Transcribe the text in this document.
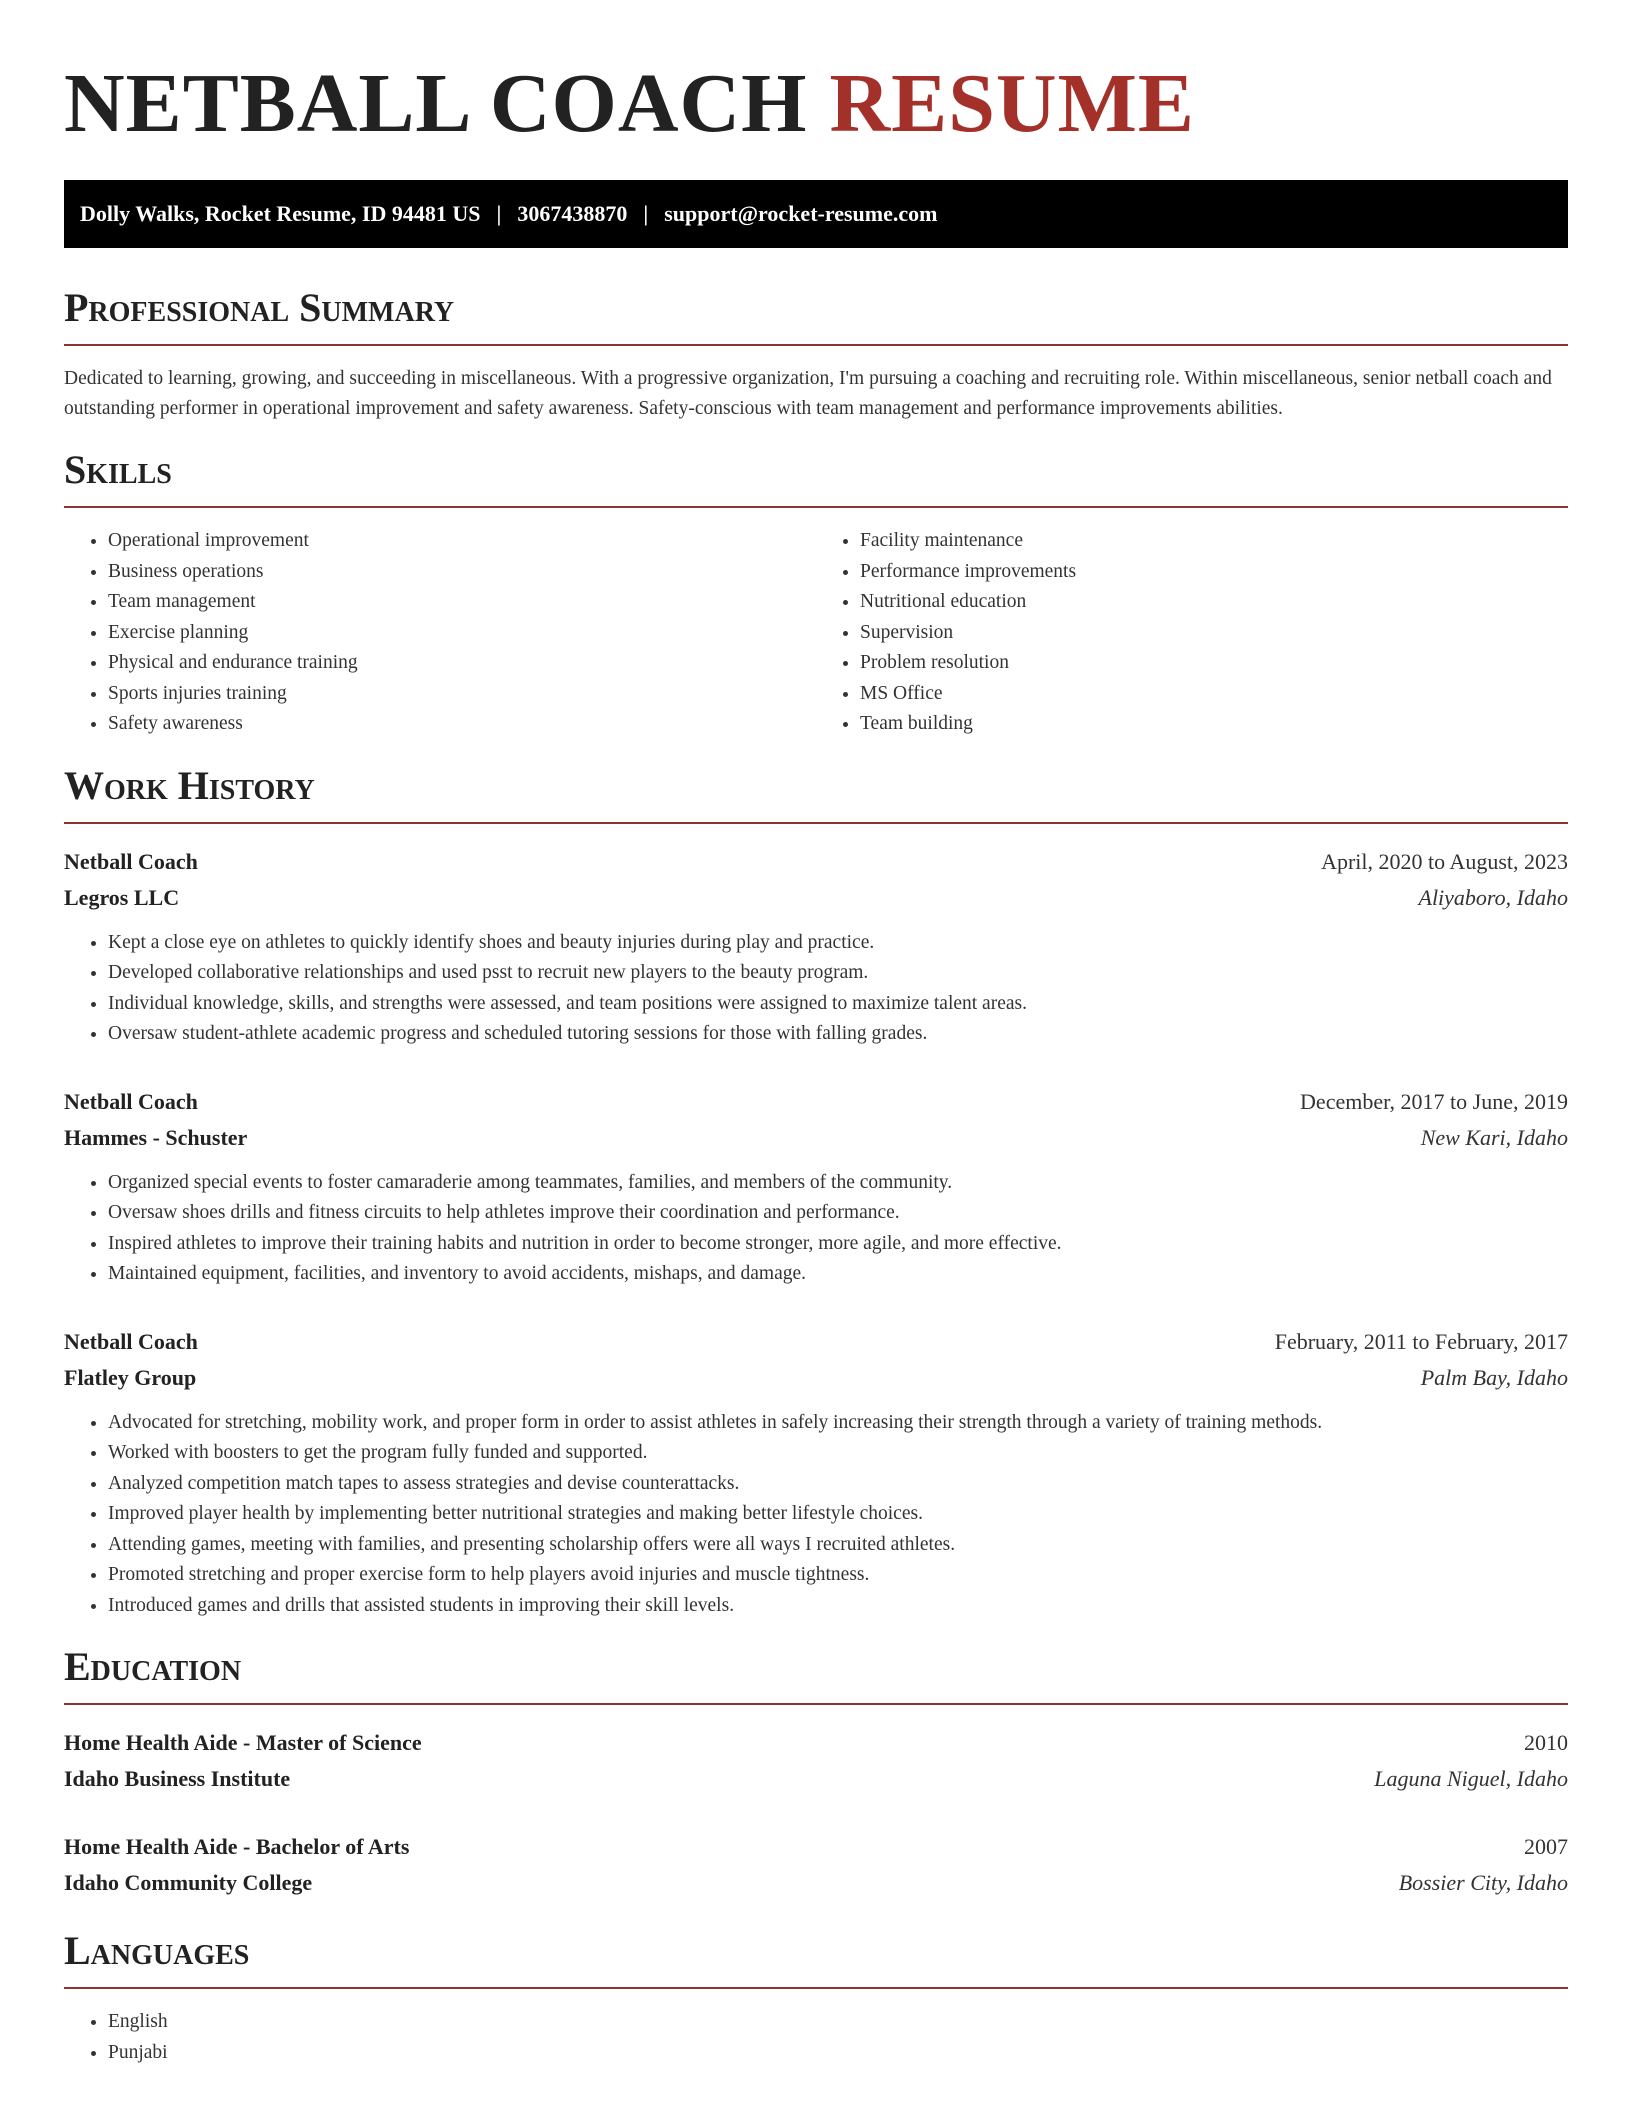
NETBALL COACH RESUME
Dolly Walks, Rocket Resume, ID 94481 US | 3067438870 | support@rocket-resume.com
Professional Summary

Dedicated to learning, growing, and succeeding in miscellaneous. With a progressive organization, I'm pursuing a coaching and recruiting role. Within miscellaneous, senior netball coach and outstanding performer in operational improvement and safety awareness. Safety-conscious with team management and performance improvements abilities.

Skills
• Operational improvement
• Business operations
• Team management
• Exercise planning
• Physical and endurance training
• Sports injuries training
• Safety awareness
• Facility maintenance
• Performance improvements
• Nutritional education
• Supervision
• Problem resolution
• MS Office
• Team building
Work History
Netball Coach	April, 2020 to August, 2023
Legros LLC	Aliyaboro, Idaho
• Kept a close eye on athletes to quickly identify shoes and beauty injuries during play and practice.
• Developed collaborative relationships and used psst to recruit new players to the beauty program.
• Individual knowledge, skills, and strengths were assessed, and team positions were assigned to maximize talent areas.
• Oversaw student-athlete academic progress and scheduled tutoring sessions for those with falling grades.
Netball Coach	December, 2017 to June, 2019
Hammes - Schuster	New Kari, Idaho
• Organized special events to foster camaraderie among teammates, families, and members of the community.
• Oversaw shoes drills and fitness circuits to help athletes improve their coordination and performance.
• Inspired athletes to improve their training habits and nutrition in order to become stronger, more agile, and more effective.
• Maintained equipment, facilities, and inventory to avoid accidents, mishaps, and damage.
Netball Coach	February, 2011 to February, 2017
Flatley Group	Palm Bay, Idaho
• Advocated for stretching, mobility work, and proper form in order to assist athletes in safely increasing their strength through a variety of training methods.
• Worked with boosters to get the program fully funded and supported.
• Analyzed competition match tapes to assess strategies and devise counterattacks.
• Improved player health by implementing better nutritional strategies and making better lifestyle choices.
• Attending games, meeting with families, and presenting scholarship offers were all ways I recruited athletes.
• Promoted stretching and proper exercise form to help players avoid injuries and muscle tightness.
• Introduced games and drills that assisted students in improving their skill levels.
Education
Home Health Aide - Master of Science	2010
Idaho Business Institute	Laguna Niguel, Idaho
Home Health Aide - Bachelor of Arts	2007
Idaho Community College	Bossier City, Idaho
Languages
• English
• Punjabi
